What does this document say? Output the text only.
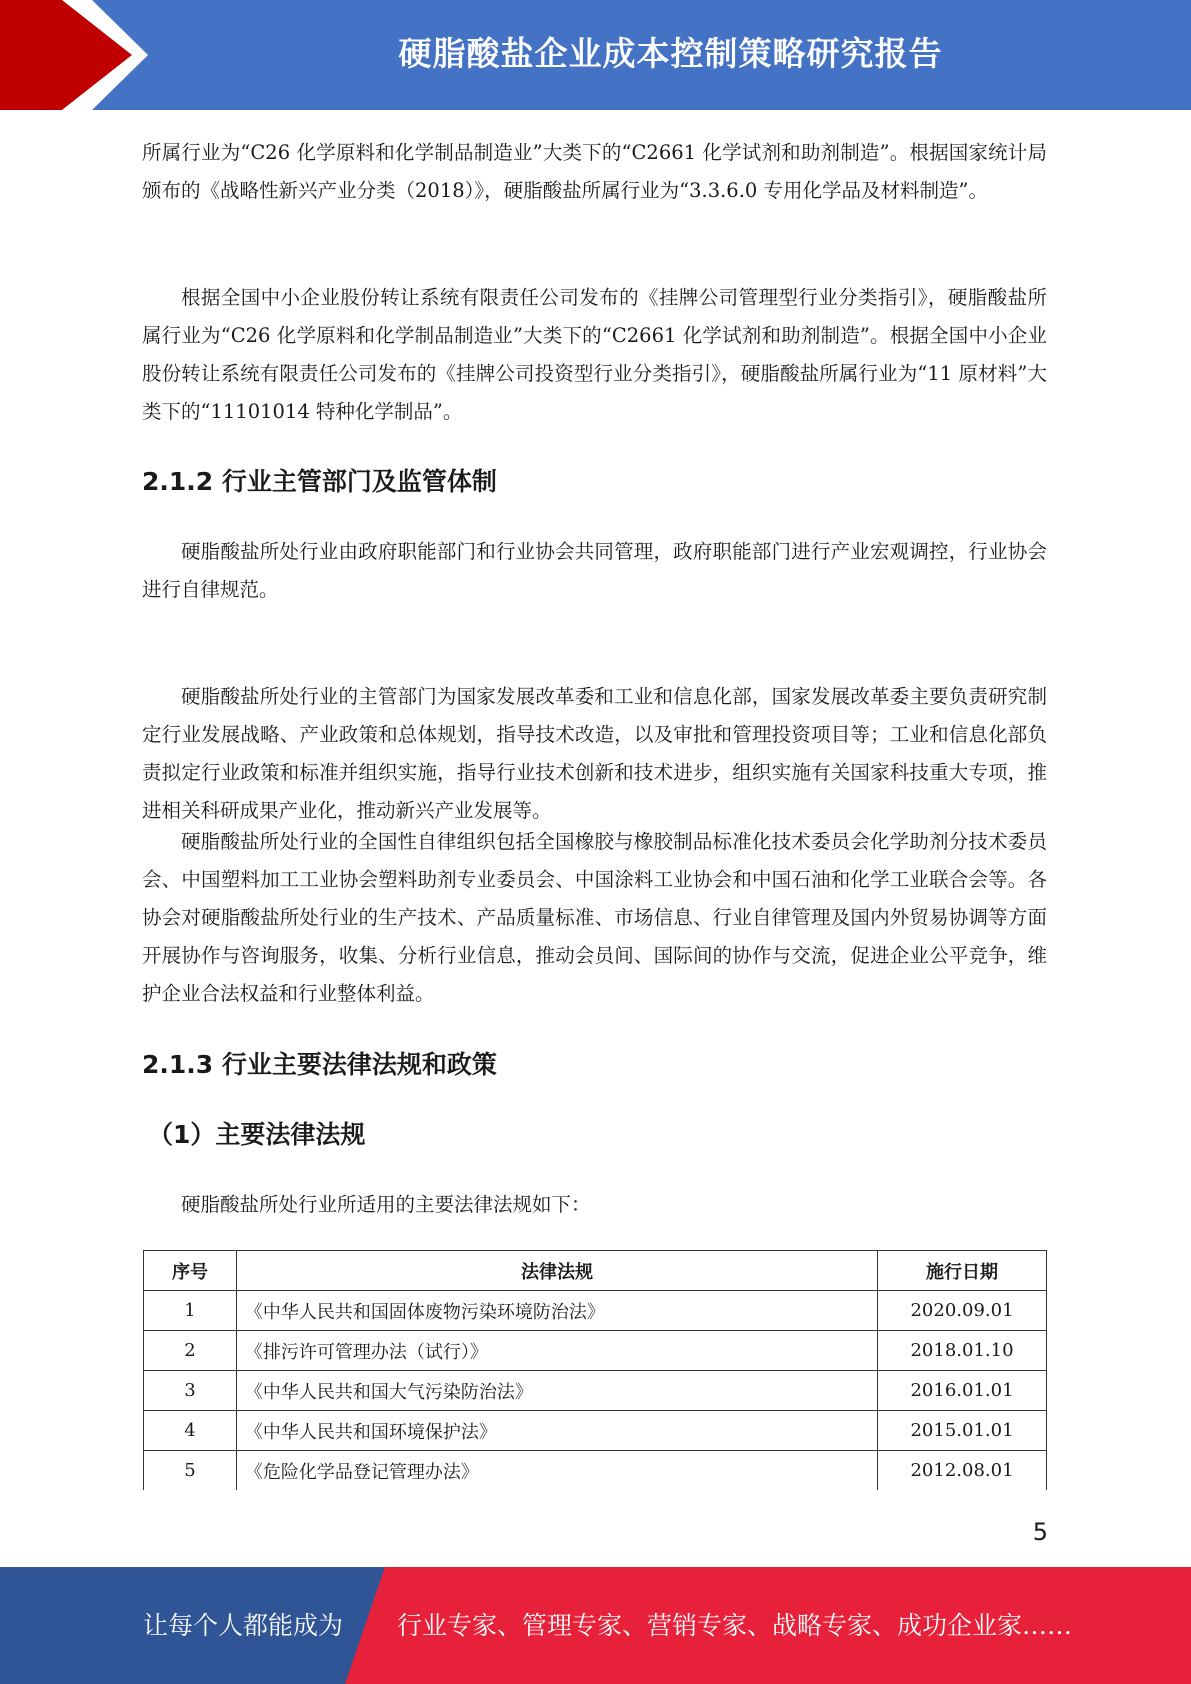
硬脂酸盐企业成本控制策略研究报告

所属行业为“C26 化学原料和化学制品制造业”大类下的“C2661 化学试剂和助剂制造”。根据国家统计局颁布的《战略性新兴产业分类（2018）》，硬脂酸盐所属行业为“3.3.6.0 专用化学品及材料制造”。

根据全国中小企业股份转让系统有限责任公司发布的《挂牌公司管理型行业分类指引》，硬脂酸盐所属行业为“C26 化学原料和化学制品制造业”大类下的“C2661 化学试剂和助剂制造”。根据全国中小企业股份转让系统有限责任公司发布的《挂牌公司投资型行业分类指引》，硬脂酸盐所属行业为“11 原材料”大类下的“11101014 特种化学制品”。

2.1.2 行业主管部门及监管体制

硬脂酸盐所处行业由政府职能部门和行业协会共同管理，政府职能部门进行产业宏观调控，行业协会进行自律规范。

硬脂酸盐所处行业的主管部门为国家发展改革委和工业和信息化部，国家发展改革委主要负责研究制定行业发展战略、产业政策和总体规划，指导技术改造，以及审批和管理投资项目等；工业和信息化部负责拟定行业政策和标准并组织实施，指导行业技术创新和技术进步，组织实施有关国家科技重大专项，推进相关科研成果产业化，推动新兴产业发展等。

硬脂酸盐所处行业的全国性自律组织包括全国橡胶与橡胶制品标准化技术委员会化学助剂分技术委员会、中国塑料加工工业协会塑料助剂专业委员会、中国涂料工业协会和中国石油和化学工业联合会等。各协会对硬脂酸盐所处行业的生产技术、产品质量标准、市场信息、行业自律管理及国内外贸易协调等方面开展协作与咨询服务，收集、分析行业信息，推动会员间、国际间的协作与交流，促进企业公平竞争，维护企业合法权益和行业整体利益。

2.1.3 行业主要法律法规和政策
（1）主要法律法规

硬脂酸盐所处行业所适用的主要法律法规如下：

序号	法律法规	施行日期
1	《中华人民共和国固体废物污染环境防治法》	2020.09.01
2	《排污许可管理办法（试行）》	2018.01.10
3	《中华人民共和国大气污染防治法》	2016.01.01
4	《中华人民共和国环境保护法》	2015.01.01
5	《危险化学品登记管理办法》	2012.08.01
5
让每个人都能成为 行业专家、管理专家、营销专家、战略专家、成功企业家……
